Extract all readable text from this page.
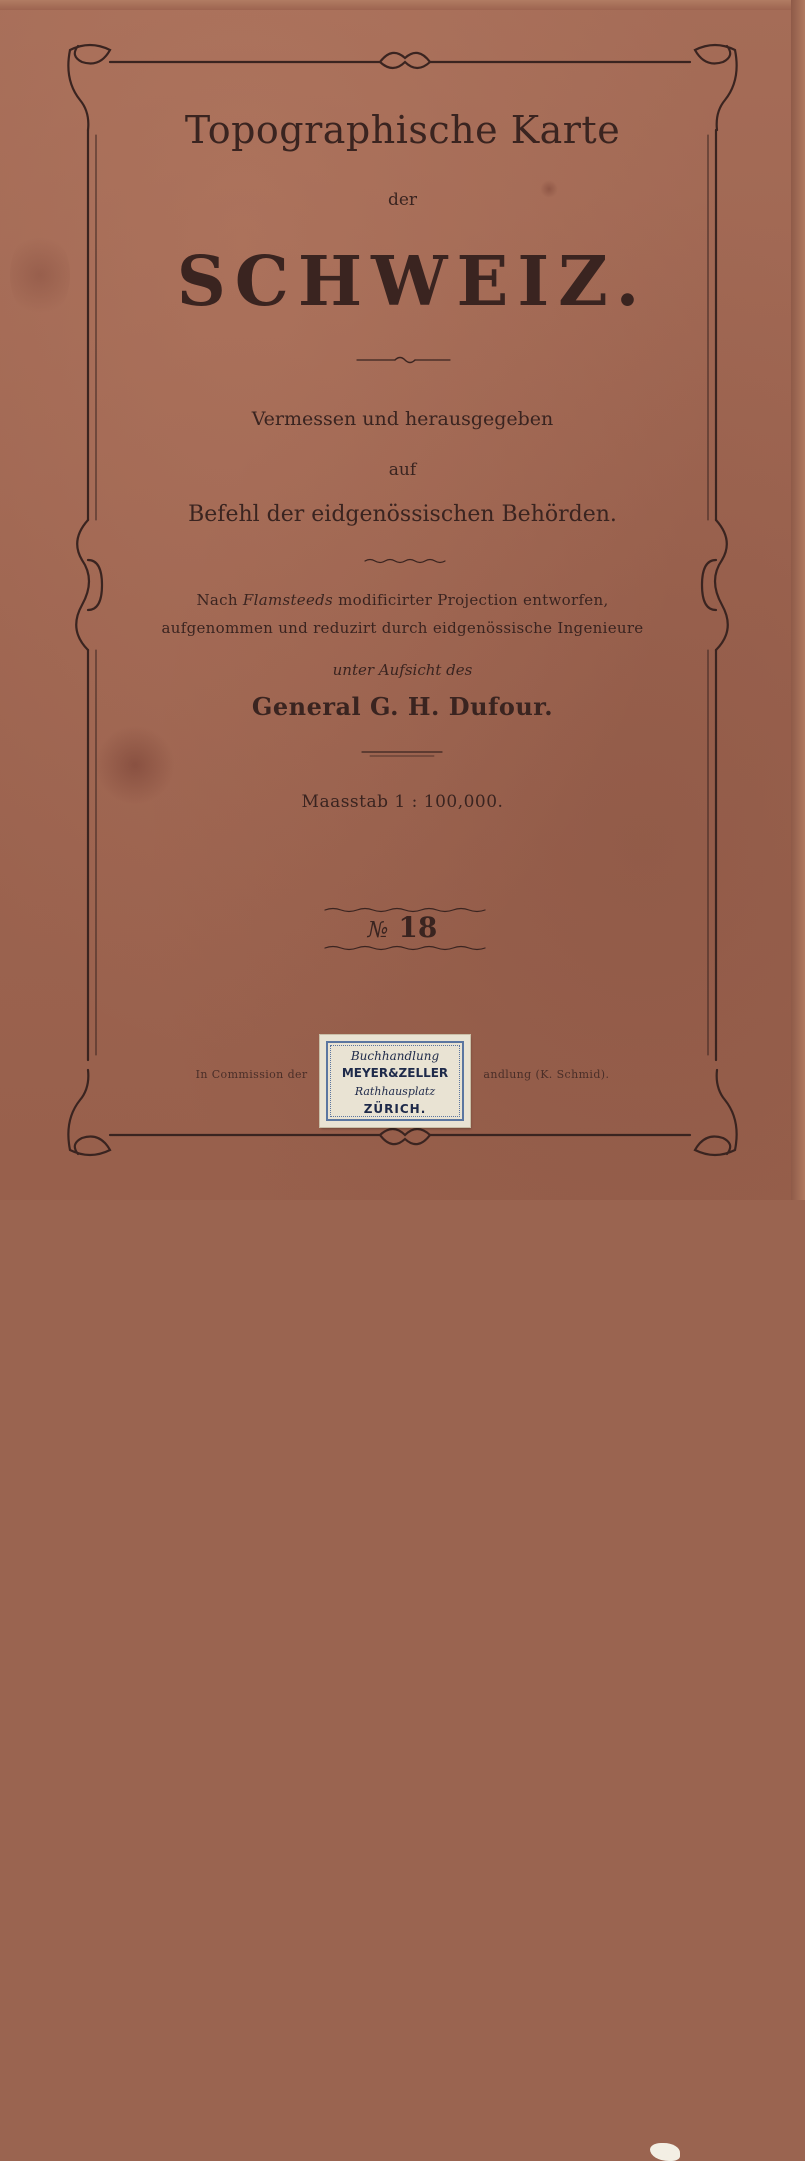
Topographische Karte
der
SCHWEIZ.
Vermessen und herausgegeben
auf
Befehl der eidgenössischen Behörden.
Nach Flamsteeds modificirter Projection entworfen,
aufgenommen und reduzirt durch eidgenössische Ingenieure
unter Aufsicht des
General G. H. Dufour.
Maasstab 1 : 100,000.
№ 18
In Commission der	andlung (K. Schmid).
Buchhandlung
MEYER&ZELLER
Rathhausplatz
ZÜRICH.
